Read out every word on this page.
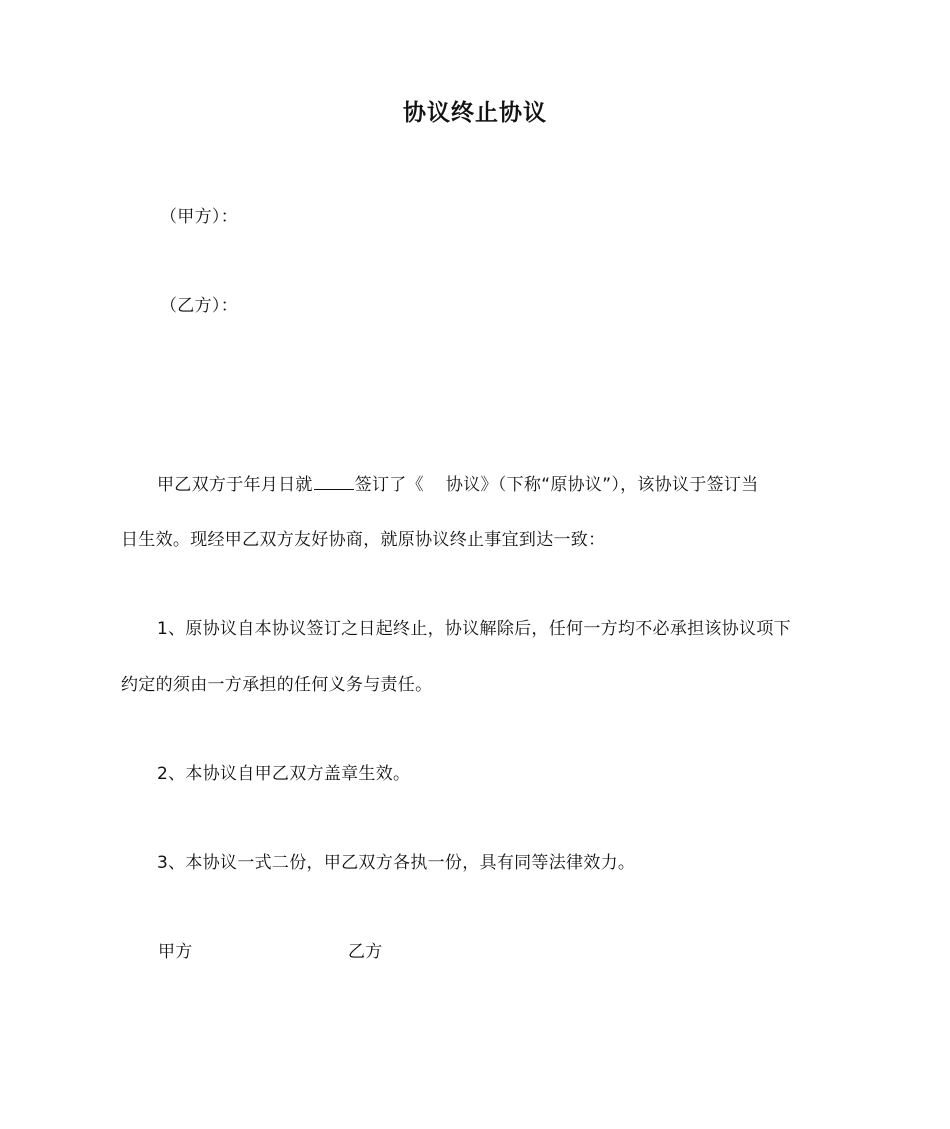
协议终止协议
（甲方）：
（乙方）：
甲乙双方于年月日就 签订了《 协议》（下称“原协议”），该协议于签订当
日生效。现经甲乙双方友好协商，就原协议终止事宜到达一致：
1、原协议自本协议签订之日起终止，协议解除后，任何一方均不必承担该协议项下
约定的须由一方承担的任何义务与责任。
2、本协议自甲乙双方盖章生效。
3、本协议一式二份，甲乙双方各执一份，具有同等法律效力。
甲方	乙方
